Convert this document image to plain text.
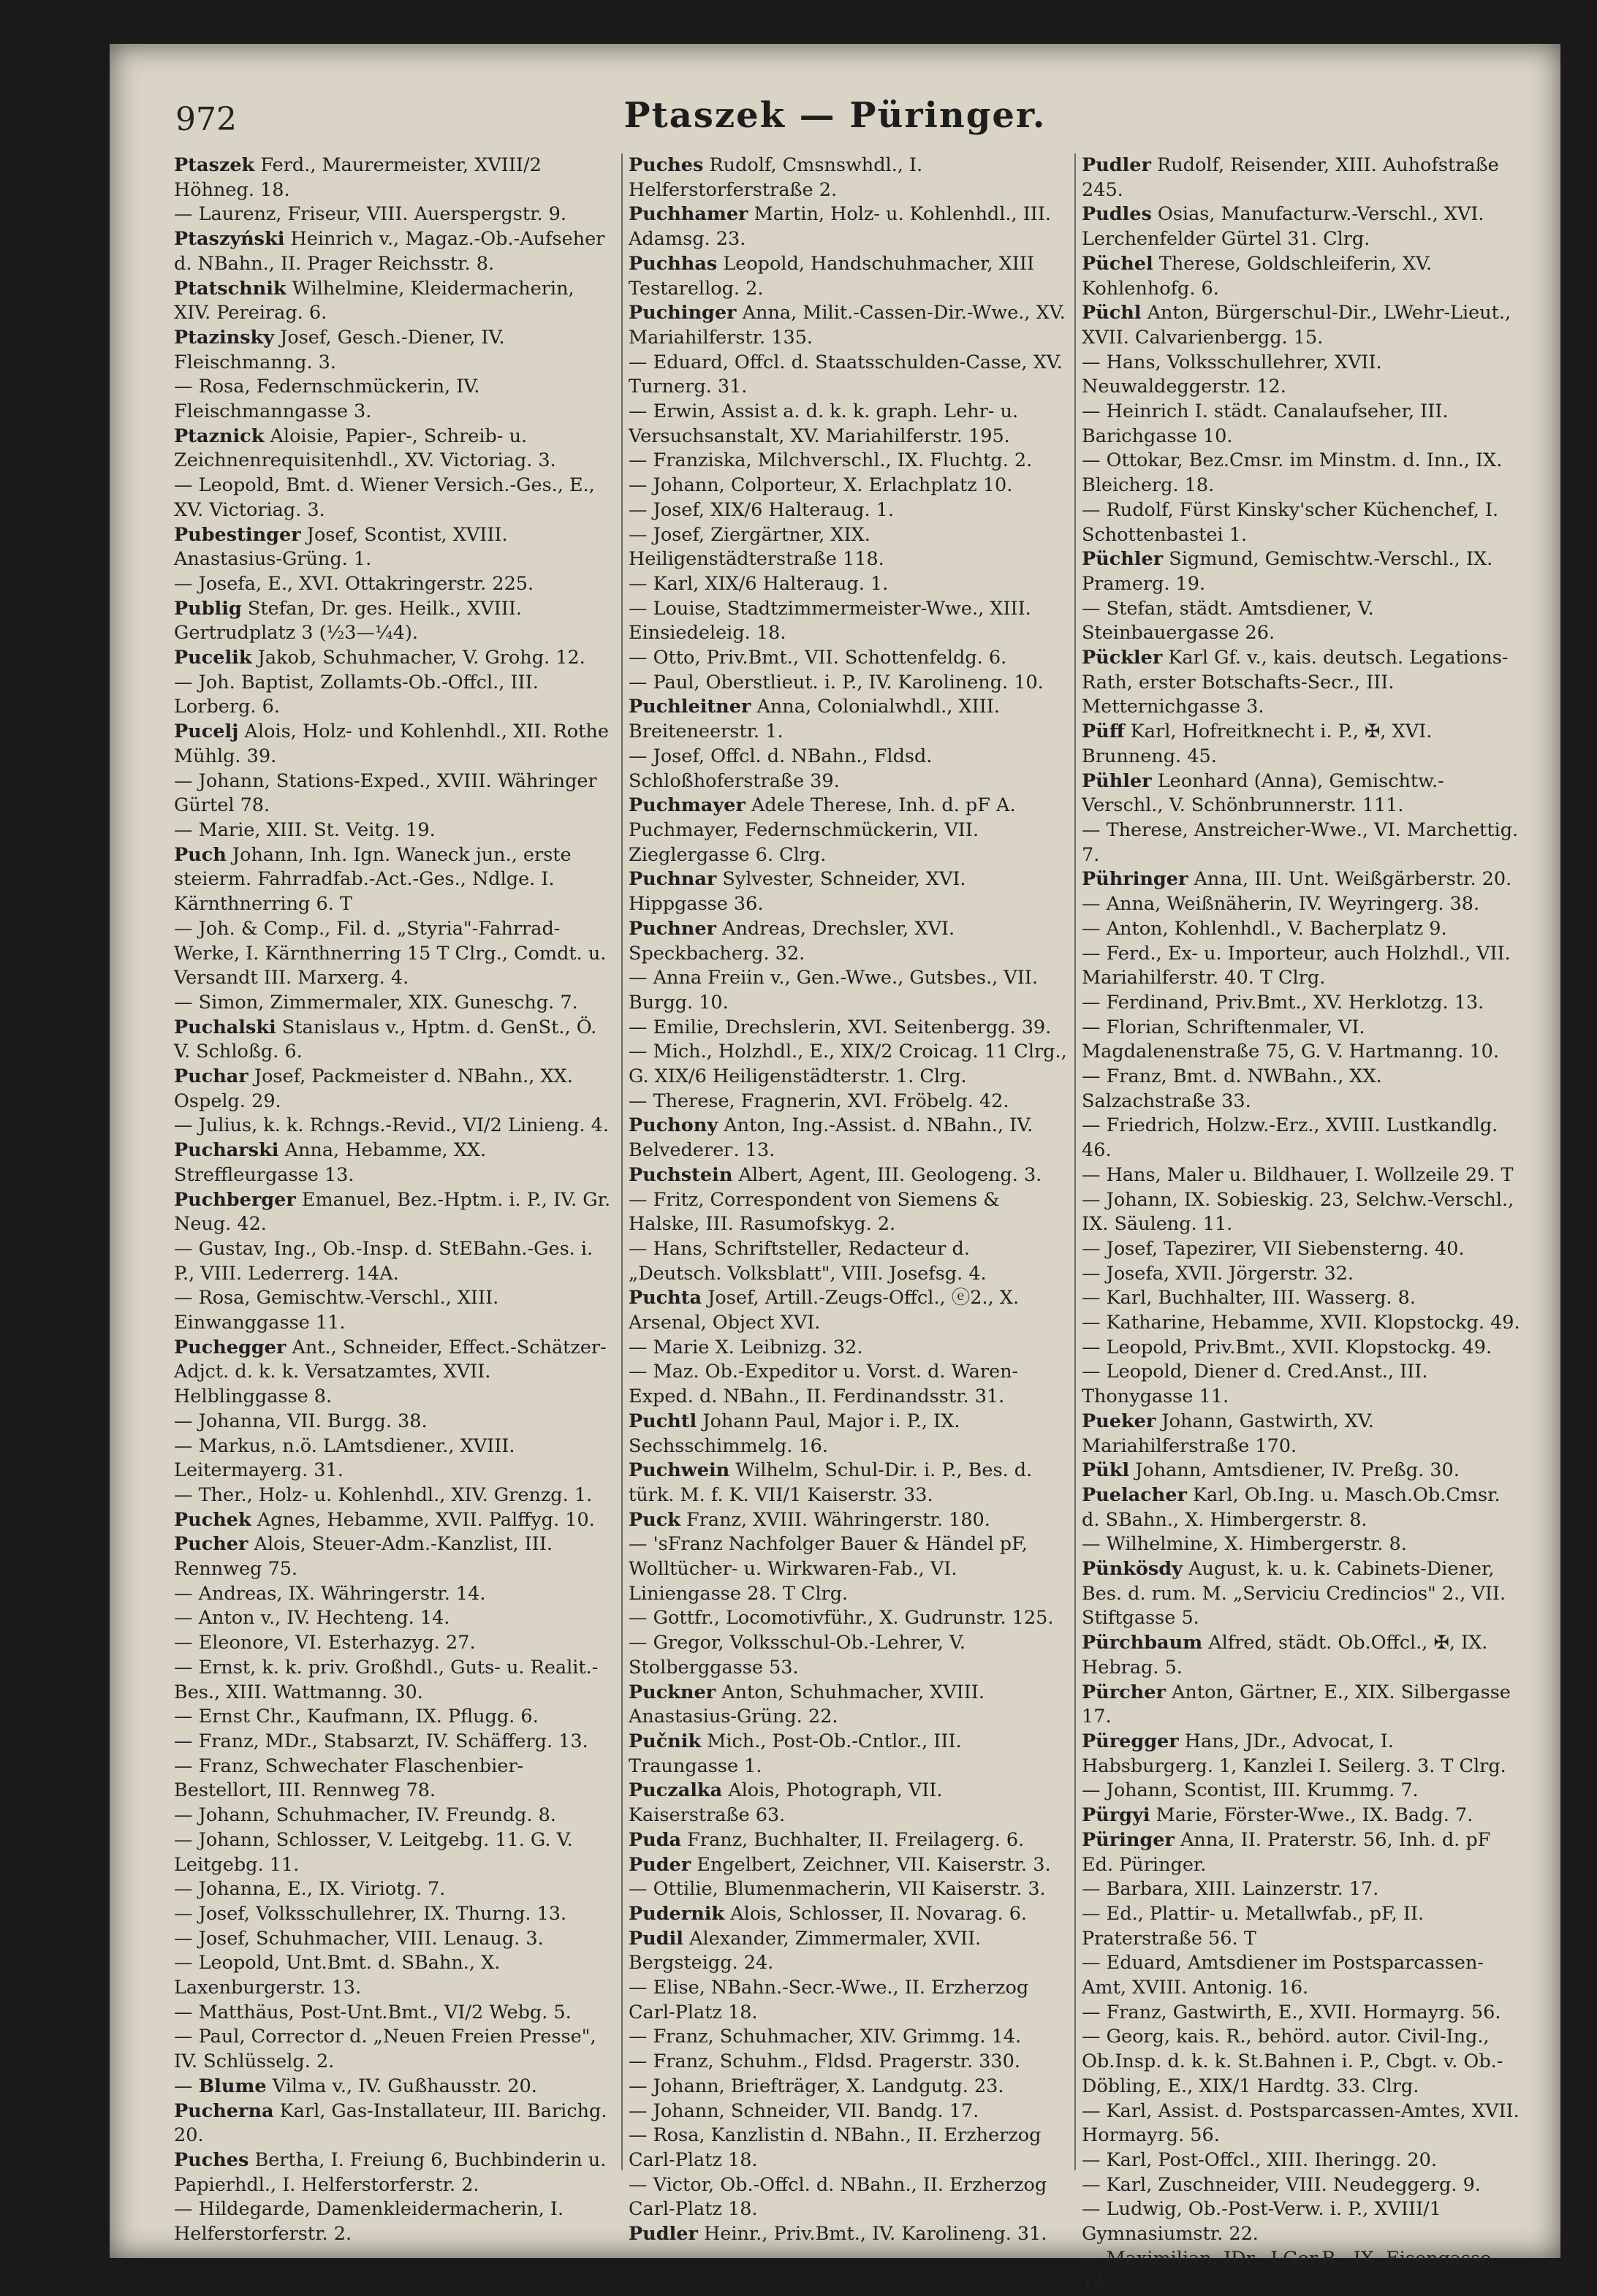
972	Ptaszek — Püringer.
Ptaszek Ferd., Maurermeister, XVIII/2 Höhneg. 18.
— Laurenz, Friseur, VIII. Auerspergstr. 9.
Ptaszyński Heinrich v., Magaz.-Ob.-Aufseher d. NBahn., II. Prager Reichsstr. 8.
Ptatschnik Wilhelmine, Kleidermacherin, XIV. Pereirag. 6.
Ptazinsky Josef, Gesch.-Diener, IV. Fleischmanng. 3.
— Rosa, Federnschmückerin, IV. Fleischmanngasse 3.
Ptaznick Aloisie, Papier-, Schreib- u. Zeichnenrequisitenhdl., XV. Victoriag. 3.
— Leopold, Bmt. d. Wiener Versich.-Ges., E., XV. Victoriag. 3.
Pubestinger Josef, Scontist, XVIII. Anastasius-Grüng. 1.
— Josefa, E., XVI. Ottakringerstr. 225.
Publig Stefan, Dr. ges. Heilk., XVIII. Gertrudplatz 3 (½3—¼4).
Pucelik Jakob, Schuhmacher, V. Grohg. 12.
— Joh. Baptist, Zollamts-Ob.-Offcl., III. Lorberg. 6.
Pucelj Alois, Holz- und Kohlenhdl., XII. Rothe Mühlg. 39.
— Johann, Stations-Exped., XVIII. Währinger Gürtel 78.
— Marie, XIII. St. Veitg. 19.
Puch Johann, Inh. Ign. Waneck jun., erste steierm. Fahrradfab.-Act.-Ges., Ndlge. I. Kärnthnerring 6. T
— Joh. & Comp., Fil. d. „Styria"-Fahrrad-Werke, I. Kärnthnerring 15 T Clrg., Comdt. u. Versandt III. Marxerg. 4.
— Simon, Zimmermaler, XIX. Guneschg. 7.
Puchalski Stanislaus v., Hptm. d. GenSt., Ö. V. Schloßg. 6.
Puchar Josef, Packmeister d. NBahn., XX. Ospelg. 29.
— Julius, k. k. Rchngs.-Revid., VI/2 Linieng. 4.
Pucharski Anna, Hebamme, XX. Streffleurgasse 13.
Puchberger Emanuel, Bez.-Hptm. i. P., IV. Gr. Neug. 42.
— Gustav, Ing., Ob.-Insp. d. StEBahn.-Ges. i. P., VIII. Lederrerg. 14A.
— Rosa, Gemischtw.-Verschl., XIII. Einwanggasse 11.
Puchegger Ant., Schneider, Effect.-Schätzer-Adjct. d. k. k. Versatzamtes, XVII. Helblinggasse 8.
— Johanna, VII. Burgg. 38.
— Markus, n.ö. LAmtsdiener., XVIII. Leitermayerg. 31.
— Ther., Holz- u. Kohlenhdl., XIV. Grenzg. 1.
Puchek Agnes, Hebamme, XVII. Palffyg. 10.
Pucher Alois, Steuer-Adm.-Kanzlist, III. Rennweg 75.
— Andreas, IX. Währingerstr. 14.
— Anton v., IV. Hechteng. 14.
— Eleonore, VI. Esterhazyg. 27.
— Ernst, k. k. priv. Großhdl., Guts- u. Realit.-Bes., XIII. Wattmanng. 30.
— Ernst Chr., Kaufmann, IX. Pflugg. 6.
— Franz, MDr., Stabsarzt, IV. Schäfferg. 13.
— Franz, Schwechater Flaschenbier-Bestellort, III. Rennweg 78.
— Johann, Schuhmacher, IV. Freundg. 8.
— Johann, Schlosser, V. Leitgebg. 11. G. V. Leitgebg. 11.
— Johanna, E., IX. Viriotg. 7.
— Josef, Volksschullehrer, IX. Thurng. 13.
— Josef, Schuhmacher, VIII. Lenaug. 3.
— Leopold, Unt.Bmt. d. SBahn., X. Laxenburgerstr. 13.
— Matthäus, Post-Unt.Bmt., VI/2 Webg. 5.
— Paul, Corrector d. „Neuen Freien Presse", IV. Schlüsselg. 2.
— Blume Vilma v., IV. Gußhausstr. 20.
Pucherna Karl, Gas-Installateur, III. Barichg. 20.
Puches Bertha, I. Freiung 6, Buchbinderin u. Papierhdl., I. Helferstorferstr. 2.
— Hildegarde, Damenkleidermacherin, I. Helferstorferstr. 2.
Puches Rudolf, Cmsnswhdl., I. Helferstorferstraße 2.
Puchhamer Martin, Holz- u. Kohlenhdl., III. Adamsg. 23.
Puchhas Leopold, Handschuhmacher, XIII Testarellog. 2.
Puchinger Anna, Milit.-Cassen-Dir.-Wwe., XV. Mariahilferstr. 135.
— Eduard, Offcl. d. Staatsschulden-Casse, XV. Turnerg. 31.
— Erwin, Assist a. d. k. k. graph. Lehr- u. Versuchsanstalt, XV. Mariahilferstr. 195.
— Franziska, Milchverschl., IX. Fluchtg. 2.
— Johann, Colporteur, X. Erlachplatz 10.
— Josef, XIX/6 Halteraug. 1.
— Josef, Ziergärtner, XIX. Heiligenstädterstraße 118.
— Karl, XIX/6 Halteraug. 1.
— Louise, Stadtzimmermeister-Wwe., XIII. Einsiedeleig. 18.
— Otto, Priv.Bmt., VII. Schottenfeldg. 6.
— Paul, Oberstlieut. i. P., IV. Karolineng. 10.
Puchleitner Anna, Colonialwhdl., XIII. Breiteneerstr. 1.
— Josef, Offcl. d. NBahn., Fldsd. Schloßhoferstraße 39.
Puchmayer Adele Therese, Inh. d. pF A. Puchmayer, Federnschmückerin, VII. Zieglergasse 6. Clrg.
Puchnar Sylvester, Schneider, XVI. Hippgasse 36.
Puchner Andreas, Drechsler, XVI. Speckbacherg. 32.
— Anna Freiin v., Gen.-Wwe., Gutsbes., VII. Burgg. 10.
— Emilie, Drechslerin, XVI. Seitenbergg. 39.
— Mich., Holzhdl., E., XIX/2 Croicag. 11 Clrg., G. XIX/6 Heiligenstädterstr. 1. Clrg.
— Therese, Fragnerin, XVI. Fröbelg. 42.
Puchony Anton, Ing.-Assist. d. NBahn., IV. Belvederег. 13.
Puchstein Albert, Agent, III. Geologeng. 3.
— Fritz, Correspondent von Siemens & Halske, III. Rasumofskyg. 2.
— Hans, Schriftsteller, Redacteur d. „Deutsch. Volksblatt", VIII. Josefsg. 4.
Puchta Josef, Artill.-Zeugs-Offcl., ⓔ2., X. Arsenal, Object XVI.
— Marie X. Leibnizg. 32.
— Maz. Ob.-Expeditor u. Vorst. d. Waren-Exped. d. NBahn., II. Ferdinandsstr. 31.
Puchtl Johann Paul, Major i. P., IX. Sechsschimmelg. 16.
Puchwein Wilhelm, Schul-Dir. i. P., Bes. d. türk. M. f. K. VII/1 Kaiserstr. 33.
Puck Franz, XVIII. Währingerstr. 180.
— 'sFranz Nachfolger Bauer & Händel pF, Wolltücher- u. Wirkwaren-Fab., VI. Liniengasse 28. T Clrg.
— Gottfr., Locomotivführ., X. Gudrunstr. 125.
— Gregor, Volksschul-Ob.-Lehrer, V. Stolberggasse 53.
Puckner Anton, Schuhmacher, XVIII. Anastasius-Grüng. 22.
Pučnik Mich., Post-Ob.-Cntlor., III. Traungasse 1.
Puczalka Alois, Photograph, VII. Kaiserstraße 63.
Puda Franz, Buchhalter, II. Freilagerg. 6.
Puder Engelbert, Zeichner, VII. Kaiserstr. 3.
— Ottilie, Blumenmacherin, VII Kaiserstr. 3.
Pudernik Alois, Schlosser, II. Novarag. 6.
Pudil Alexander, Zimmermaler, XVII. Bergsteigg. 24.
— Elise, NBahn.-Secr.-Wwe., II. Erzherzog Carl-Platz 18.
— Franz, Schuhmacher, XIV. Grimmg. 14.
— Franz, Schuhm., Fldsd. Pragerstr. 330.
— Johann, Briefträger, X. Landgutg. 23.
— Johann, Schneider, VII. Bandg. 17.
— Rosa, Kanzlistin d. NBahn., II. Erzherzog Carl-Platz 18.
— Victor, Ob.-Offcl. d. NBahn., II. Erzherzog Carl-Platz 18.
Pudler Heinr., Priv.Bmt., IV. Karolineng. 31.
Pudler Rudolf, Reisender, XIII. Auhofstraße 245.
Pudles Osias, Manufacturw.-Verschl., XVI. Lerchenfelder Gürtel 31. Clrg.
Püchel Therese, Goldschleiferin, XV. Kohlenhofg. 6.
Püchl Anton, Bürgerschul-Dir., LWehr-Lieut., XVII. Calvarienbergg. 15.
— Hans, Volksschullehrer, XVII. Neuwaldeggerstr. 12.
— Heinrich I. städt. Canalaufseher, III. Barichgasse 10.
— Ottokar, Bez.Cmsr. im Minstm. d. Inn., IX. Bleicherg. 18.
— Rudolf, Fürst Kinsky'scher Küchenchef, I. Schottenbastei 1.
Püchler Sigmund, Gemischtw.-Verschl., IX. Pramerg. 19.
— Stefan, städt. Amtsdiener, V. Steinbauergasse 26.
Pückler Karl Gf. v., kais. deutsch. Legations-Rath, erster Botschafts-Secr., III. Metternichgasse 3.
Püff Karl, Hofreitknecht i. P., ✠, XVI. Brunneng. 45.
Pühler Leonhard (Anna), Gemischtw.-Verschl., V. Schönbrunnerstr. 111.
— Therese, Anstreicher-Wwe., VI. Marchettig. 7.
Pühringer Anna, III. Unt. Weißgärberstr. 20.
— Anna, Weißnäherin, IV. Weyringerg. 38.
— Anton, Kohlenhdl., V. Bacherplatz 9.
— Ferd., Ex- u. Importeur, auch Holzhdl., VII. Mariahilferstr. 40. T Clrg.
— Ferdinand, Priv.Bmt., XV. Herklotzg. 13.
— Florian, Schriftenmaler, VI. Magdalenenstraße 75, G. V. Hartmanng. 10.
— Franz, Bmt. d. NWBahn., XX. Salzachstraße 33.
— Friedrich, Holzw.-Erz., XVIII. Lustkandlg. 46.
— Hans, Maler u. Bildhauer, I. Wollzeile 29. T
— Johann, IX. Sobieskig. 23, Selchw.-Verschl., IX. Säuleng. 11.
— Josef, Tapezirer, VII Siebensterng. 40.
— Josefa, XVII. Jörgerstr. 32.
— Karl, Buchhalter, III. Wasserg. 8.
— Katharine, Hebamme, XVII. Klopstockg. 49.
— Leopold, Priv.Bmt., XVII. Klopstockg. 49.
— Leopold, Diener d. Cred.Anst., III. Thonygasse 11.
Pueker Johann, Gastwirth, XV. Mariahilferstraße 170.
Pükl Johann, Amtsdiener, IV. Preßg. 30.
Puelacher Karl, Ob.Ing. u. Masch.Ob.Cmsr. d. SBahn., X. Himbergerstr. 8.
— Wilhelmine, X. Himbergerstr. 8.
Pünkösdy August, k. u. k. Cabinets-Diener, Bes. d. rum. M. „Serviciu Credincios" 2., VII. Stiftgasse 5.
Pürchbaum Alfred, städt. Ob.Offcl., ✠, IX. Hebrag. 5.
Pürcher Anton, Gärtner, E., XIX. Silbergasse 17.
Püregger Hans, JDr., Advocat, I. Habsburgerg. 1, Kanzlei I. Seilerg. 3. T Clrg.
— Johann, Scontist, III. Krummg. 7.
Pürgyi Marie, Förster-Wwe., IX. Badg. 7.
Püringer Anna, II. Praterstr. 56, Inh. d. pF Ed. Püringer.
— Barbara, XIII. Lainzerstr. 17.
— Ed., Plattir- u. Metallwfab., pF, II. Praterstraße 56. T
— Eduard, Amtsdiener im Postsparcassen-Amt, XVIII. Antonig. 16.
— Franz, Gastwirth, E., XVII. Hormayrg. 56.
— Georg, kais. R., behörd. autor. Civil-Ing., Ob.Insp. d. k. k. St.Bahnen i. P., Cbgt. v. Ob.-Döbling, E., XIX/1 Hardtg. 33. Clrg.
— Karl, Assist. d. Postsparcassen-Amtes, XVII. Hormayrg. 56.
— Karl, Post-Offcl., XIII. Iheringg. 20.
— Karl, Zuschneider, VIII. Neudeggerg. 9.
— Ludwig, Ob.-Post-Verw. i. P., XVIII/1 Gymnasiumstr. 22.
— Maximilian, JDr., LGer.R., IX. Eisengasse 14.
